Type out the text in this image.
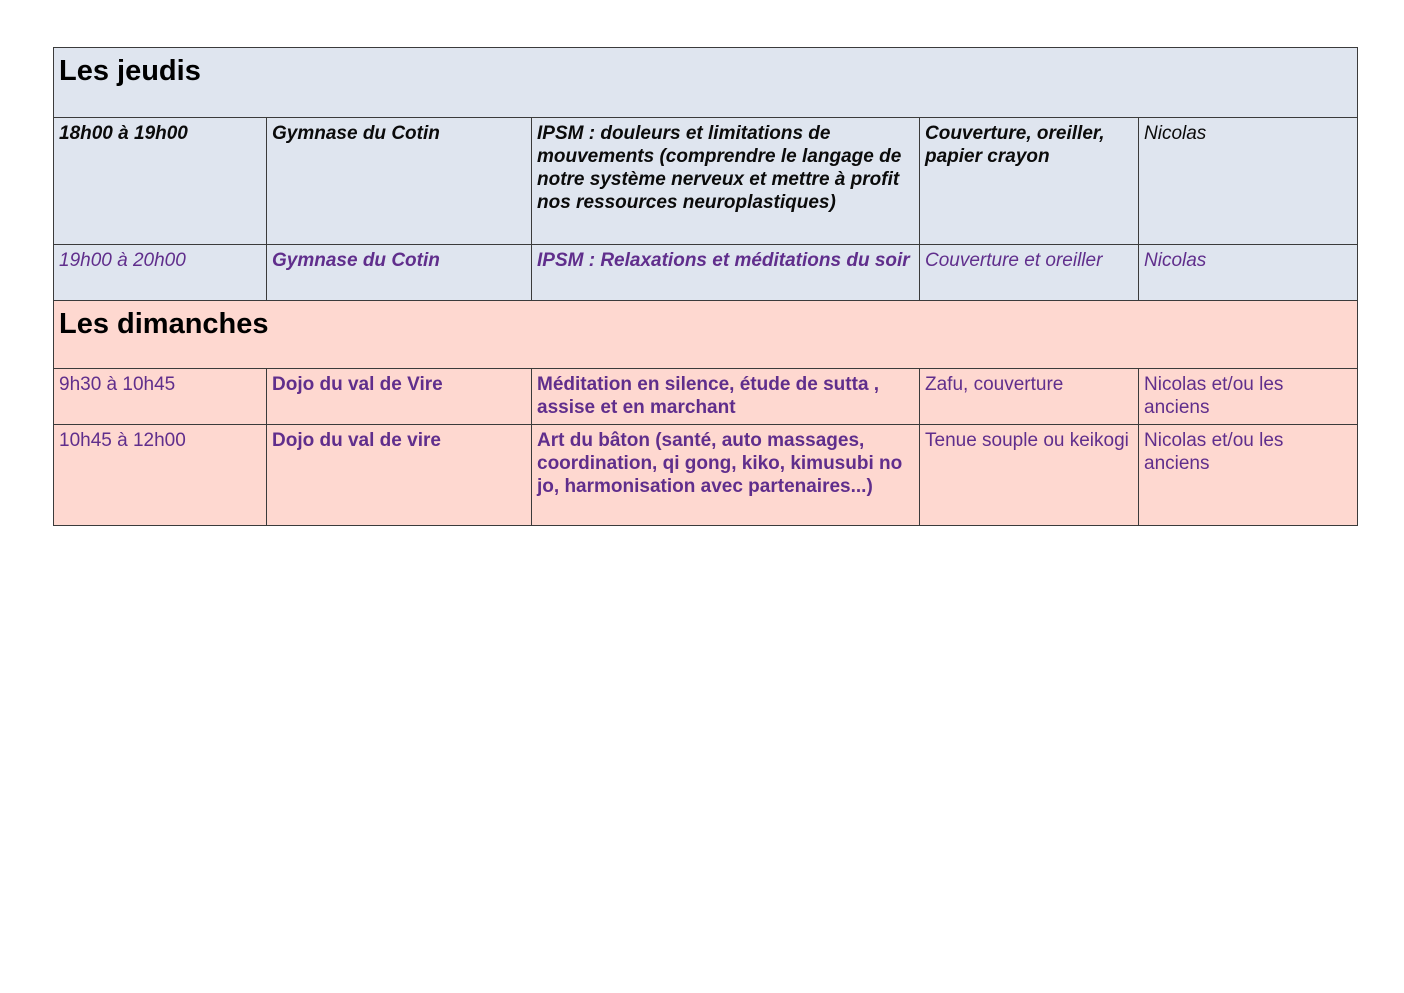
Les jeudis				
18h00 à 19h00	Gymnase du Cotin	IPSM : douleurs et limitations de mouvements (comprendre le langage de notre système nerveux et mettre à profit nos ressources neuroplastiques)	Couverture, oreiller, papier crayon	Nicolas
19h00 à 20h00	Gymnase du Cotin	IPSM : Relaxations et méditations du soir	Couverture et oreiller	Nicolas
Les dimanches				
9h30 à 10h45	Dojo du val de Vire	Méditation en silence, étude de sutta , assise et en marchant	Zafu, couverture	Nicolas et/ou les anciens
10h45 à 12h00	Dojo du val de vire	Art du bâton (santé, auto massages, coordination, qi gong, kiko, kimusubi no jo, harmonisation avec partenaires...)	Tenue souple ou keikogi	Nicolas et/ou les anciens
